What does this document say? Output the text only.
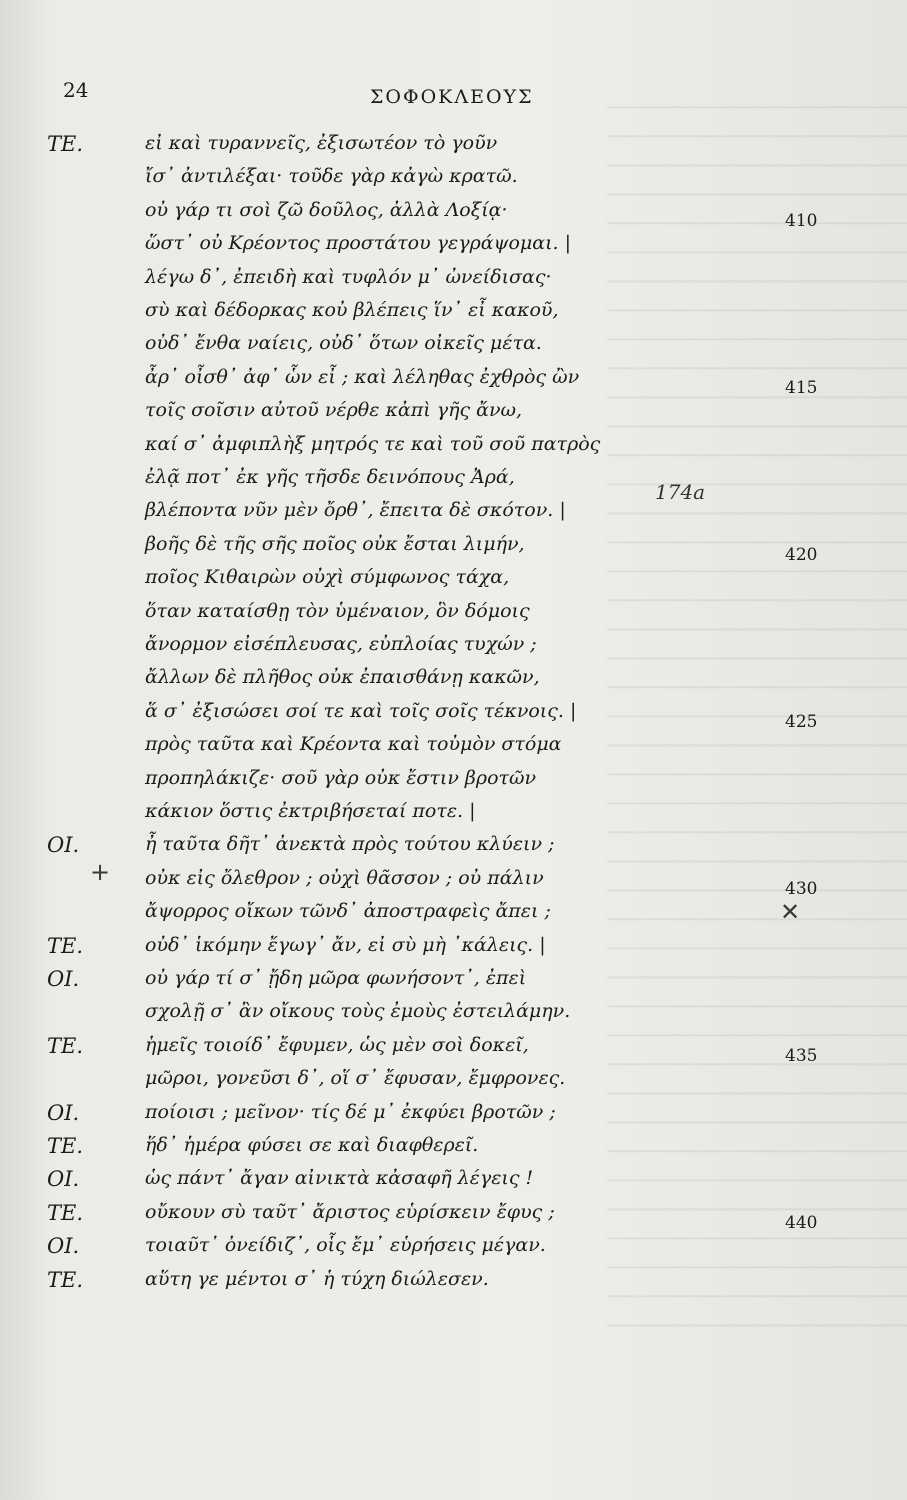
24	ΣΟΦΟΚΛΕΟΥΣ
ΤΕ.	εἰ καὶ τυραννεῖς, ἐξισωτέον τὸ γοῦν
ἴσ᾽ ἀντιλέξαι· τοῦδε γὰρ κἀγὼ κρατῶ.
οὐ γάρ τι σοὶ ζῶ δοῦλος, ἀλλὰ Λοξίᾳ·	410
ὥστ᾽ οὐ Κρέοντος προστάτου γεγράψομαι. |
λέγω δ᾽, ἐπειδὴ καὶ τυφλόν μ᾽ ὠνείδισας·
σὺ καὶ δέδορκας κοὐ βλέπεις ἵν᾽ εἶ κακοῦ,
οὐδ᾽ ἔνθα ναίεις, οὐδ᾽ ὅτων οἰκεῖς μέτα.
ἆρ᾽ οἶσθ᾽ ἀφ᾽ ὧν εἶ ; καὶ λέληθας ἐχθρὸς ὢν	415
τοῖς σοῖσιν αὐτοῦ νέρθε κἀπὶ γῆς ἄνω,
καί σ᾽ ἀμφιπλὴξ μητρός τε καὶ τοῦ σοῦ πατρὸς
ἐλᾷ ποτ᾽ ἐκ γῆς τῆσδε δεινόπους Ἀρά,
βλέποντα νῦν μὲν ὄρθ᾽, ἔπειτα δὲ σκότον. |
βοῆς δὲ τῆς σῆς ποῖος οὐκ ἔσται λιμήν,	420
ποῖος Κιθαιρὼν οὐχὶ σύμφωνος τάχα,
ὅταν καταίσθῃ τὸν ὑμέναιον, ὃν δόμοις
ἄνορμον εἰσέπλευσας, εὐπλοίας τυχών ;
ἄλλων δὲ πλῆθος οὐκ ἐπαισθάνῃ κακῶν,
ἅ σ᾽ ἐξισώσει σοί τε καὶ τοῖς σοῖς τέκνοις. |	425
πρὸς ταῦτα καὶ Κρέοντα καὶ τοὐμὸν στόμα
προπηλάκιζε· σοῦ γὰρ οὐκ ἔστιν βροτῶν
κάκιον ὅστις ἐκτριβήσεταί ποτε. |
ΟΙ.	ἦ ταῦτα δῆτ᾽ ἀνεκτὰ πρὸς τούτου κλύειν ;
οὐκ εἰς ὄλεθρον ; οὐχὶ θᾶσσον ; οὐ πάλιν	430
ἄψορρος οἴκων τῶνδ᾽ ἀποστραφεὶς ἄπει ;
ΤΕ.	οὐδ᾽ ἱκόμην ἔγωγ᾽ ἄν, εἰ σὺ μὴ ᾽κάλεις. |
ΟΙ.	οὐ γάρ τί σ᾽ ᾔδη μῶρα φωνήσοντ᾽, ἐπεὶ
σχολῇ σ᾽ ἂν οἴκους τοὺς ἐμοὺς ἐστειλάμην.
ΤΕ.	ἡμεῖς τοιοίδ᾽ ἔφυμεν, ὡς μὲν σοὶ δοκεῖ,	435
μῶροι, γονεῦσι δ᾽, οἵ σ᾽ ἔφυσαν, ἔμφρονες.
ΟΙ.	ποίοισι ; μεῖνον· τίς δέ μ᾽ ἐκφύει βροτῶν ;
ΤΕ.	ἥδ᾽ ἡμέρα φύσει σε καὶ διαφθερεῖ.
ΟΙ.	ὡς πάντ᾽ ἄγαν αἰνικτὰ κἀσαφῆ λέγεις !
ΤΕ.	οὔκουν σὺ ταῦτ᾽ ἄριστος εὑρίσκειν ἔφυς ;	440
ΟΙ.	τοιαῦτ᾽ ὀνείδιζ᾽, οἷς ἔμ᾽ εὑρήσεις μέγαν.
ΤΕ.	αὕτη γε μέντοι σ᾽ ἡ τύχη διώλεσεν.
174a
+
✕
